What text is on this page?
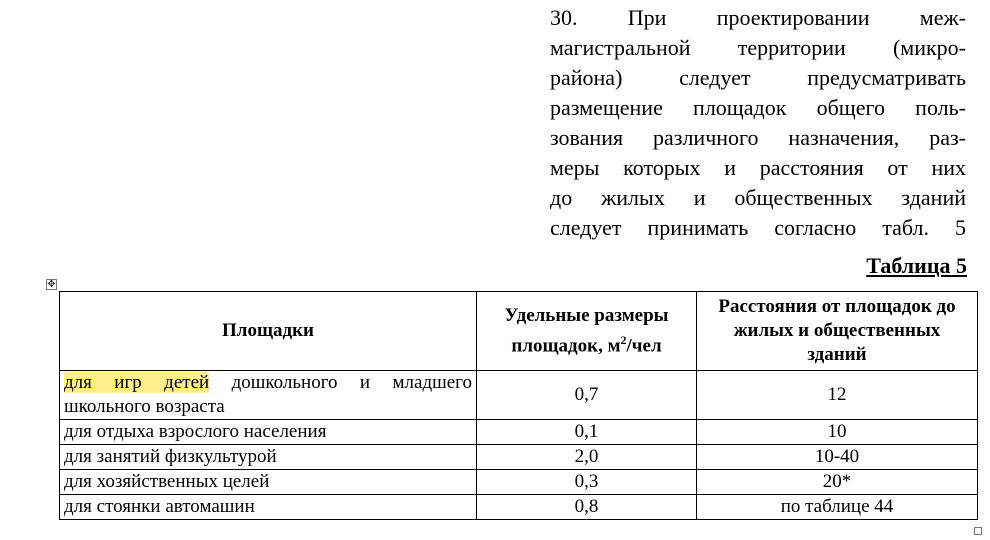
30. При проектировании меж-
магистральной территории (микро-
района) следует предусматривать
размещение площадок общего поль-
зования различного назначения, раз-
меры которых и расстояния от них
до жилых и общественных зданий
следует принимать согласно табл. 5
Таблица 5
✥
Площадки	Удельные размеры площадок, $м^2$/чел	Расстояния от площадок до жилых и общественных зданий
для игр детей дошкольного и младшего школьного возраста	0,7	12
для отдыха взрослого населения	0,1	10
для занятий физкультурой	2,0	10-40
для хозяйственных целей	0,3	20*
для стоянки автомашин	0,8	по таблице 44
